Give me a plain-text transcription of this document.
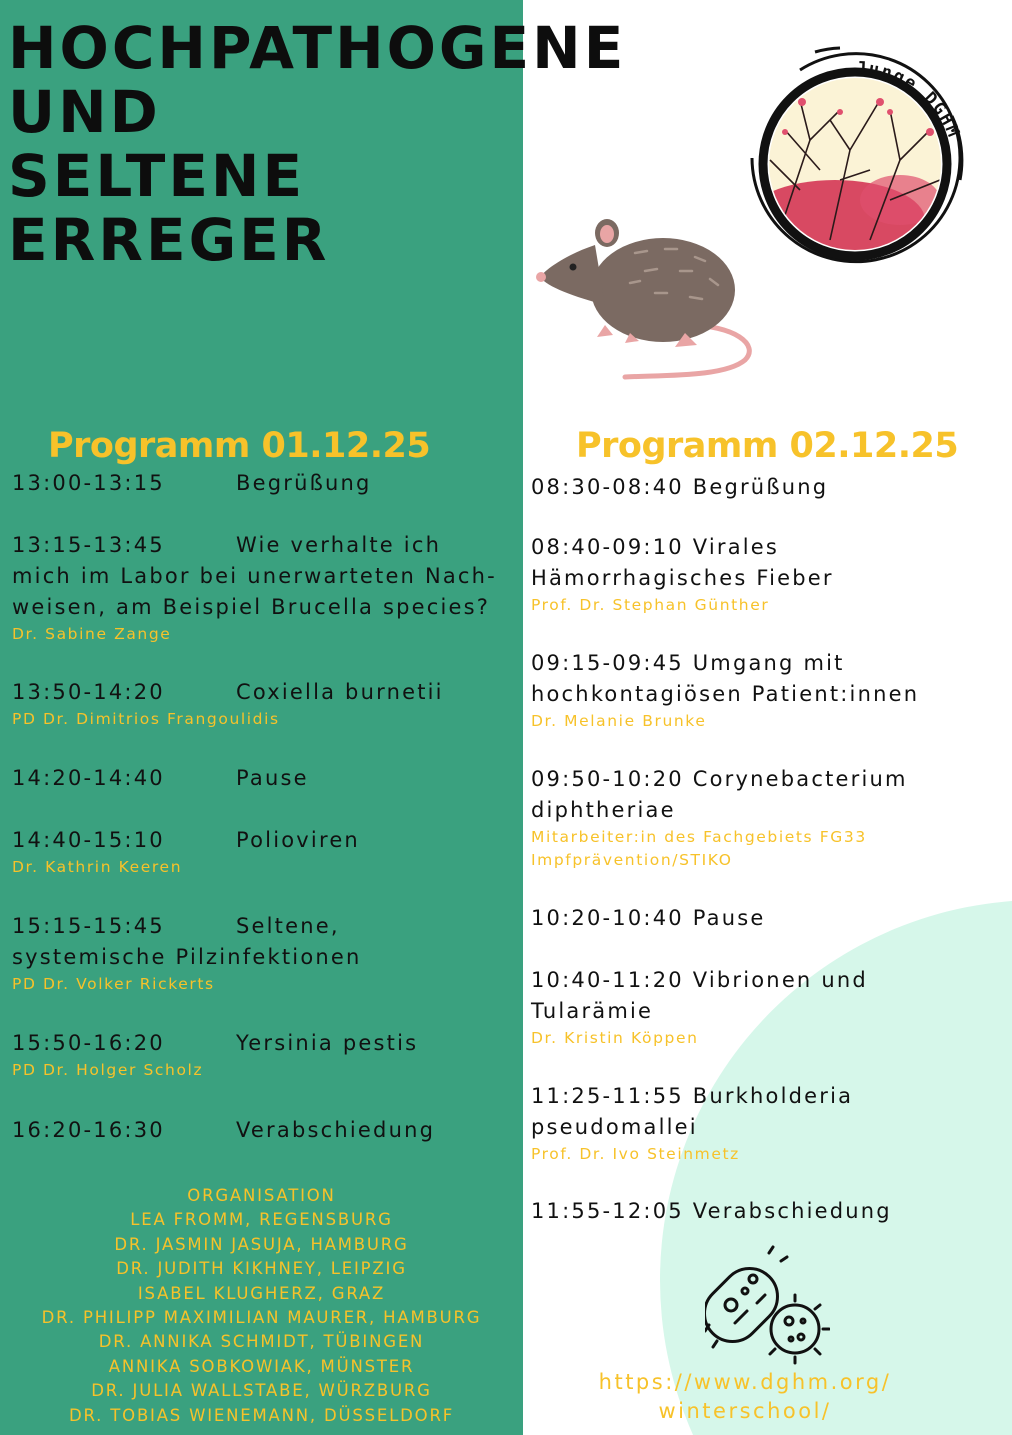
HOCHPATHOGENE
UND
SELTENE
ERREGER
Junge DGHM
Programm 01.12.25	Programm 02.12.25
13:00-13:15	Begrüßung
13:15-13:45	Wie verhalte ich
mich im Labor bei unerwarteten Nach-
weisen, am Beispiel Brucella species?
Dr. Sabine Zange
13:50-14:20	Coxiella burnetii
PD Dr. Dimitrios Frangoulidis
14:20-14:40	Pause
14:40-15:10	Polioviren
Dr. Kathrin Keeren
15:15-15:45	Seltene,
systemische Pilzinfektionen
PD Dr. Volker Rickerts
15:50-16:20	Yersinia pestis
PD Dr. Holger Scholz
16:20-16:30	Verabschiedung
08:30-08:40 Begrüßung
08:40-09:10 Virales
Hämorrhagisches Fieber
Prof. Dr. Stephan Günther
09:15-09:45 Umgang mit
hochkontagiösen Patient:innen
Dr. Melanie Brunke
09:50-10:20 Corynebacterium
diphtheriae
Mitarbeiter:in des Fachgebiets FG33
Impfprävention/STIKO
10:20-10:40 Pause
10:40-11:20 Vibrionen und
Tularämie
Dr. Kristin Köppen
11:25-11:55 Burkholderia
pseudomallei
Prof. Dr. Ivo Steinmetz
11:55-12:05 Verabschiedung
ORGANISATION
LEA FROMM, REGENSBURG
DR. JASMIN JASUJA, HAMBURG
DR. JUDITH KIKHNEY, LEIPZIG
ISABEL KLUGHERZ, GRAZ
DR. PHILIPP MAXIMILIAN MAURER, HAMBURG
DR. ANNIKA SCHMIDT, TÜBINGEN
ANNIKA SOBKOWIAK, MÜNSTER
DR. JULIA WALLSTABE, WÜRZBURG
DR. TOBIAS WIENEMANN, DÜSSELDORF
https://www.dghm.org/
winterschool/
